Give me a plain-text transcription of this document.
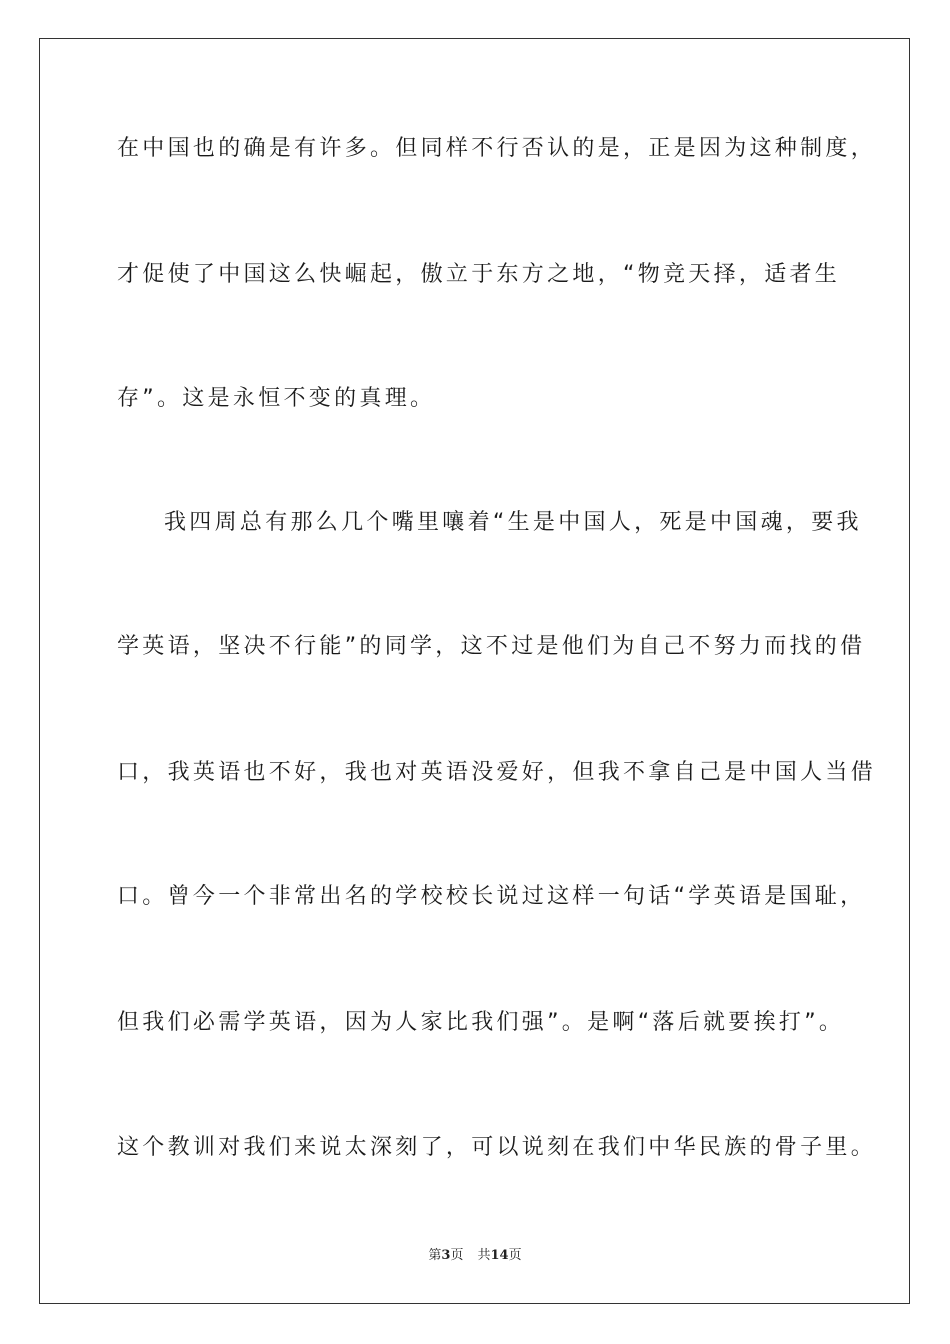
在中国也的确是有许多。但同样不行否认的是，正是因为这种制度，
才促使了中国这么快崛起，傲立于东方之地，“物竞天择，适者生
存”。这是永恒不变的真理。
我四周总有那么几个嘴里嚷着“生是中国人，死是中国魂，要我
学英语，坚决不行能”的同学，这不过是他们为自己不努力而找的借
口，我英语也不好，我也对英语没爱好，但我不拿自己是中国人当借
口。曾今一个非常出名的学校校长说过这样一句话“学英语是国耻，
但我们必需学英语，因为人家比我们强”。是啊“落后就要挨打”。
这个教训对我们来说太深刻了，可以说刻在我们中华民族的骨子里。
第3页 共14页
